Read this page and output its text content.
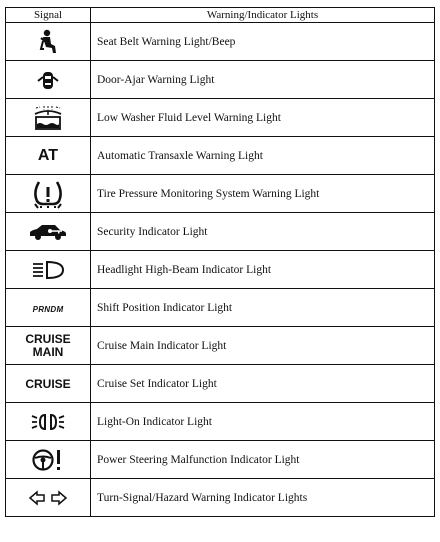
Signal	Warning/Indicator Lights

	Seat Belt Warning Light/Beep

	Door-Ajar Warning Light

	Low Washer Fluid Level Warning Light
AT	Automatic Transaxle Warning Light

	Tire Pressure Monitoring System Warning Light

	Security Indicator Light

	Headlight High-Beam Indicator Light
PRNDM	Shift Position Indicator Light

CRUISE
MAIN	Cruise Main Indicator Light
CRUISE	Cruise Set Indicator Light

	Light-On Indicator Light

	Power Steering Malfunction Indicator Light

	Turn-Signal/Hazard Warning Indicator Lights
